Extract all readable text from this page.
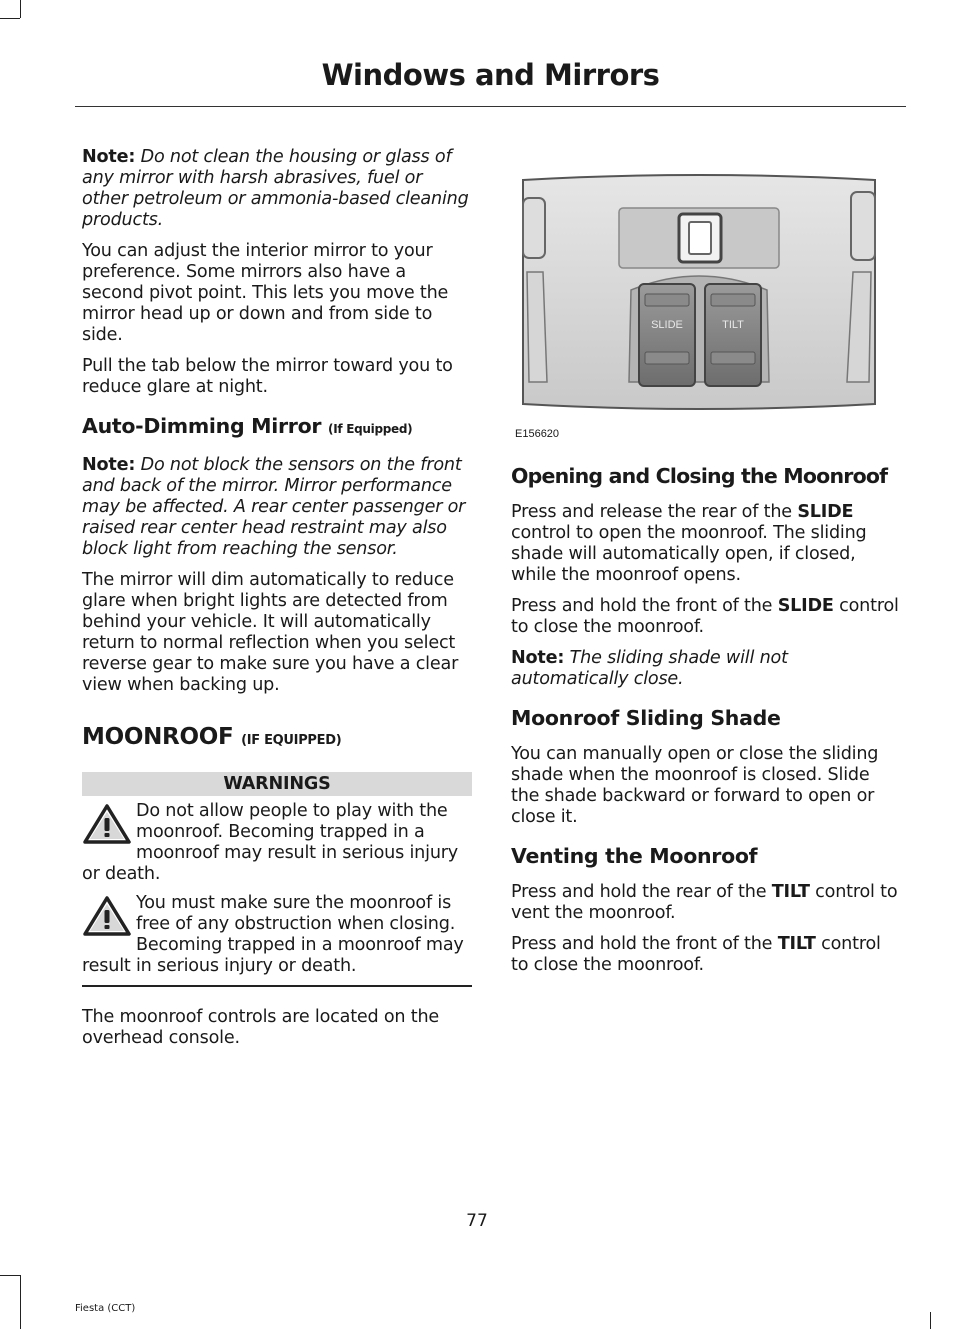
Windows and Mirrors

Note: Do not clean the housing or glass of any mirror with harsh abrasives, fuel or other petroleum or ammonia-based cleaning products.

You can adjust the interior mirror to your preference. Some mirrors also have a second pivot point. This lets you move the mirror head up or down and from side to side.

Pull the tab below the mirror toward you to reduce glare at night.

Auto-Dimming Mirror (If Equipped)

Note: Do not block the sensors on the front and back of the mirror. Mirror performance may be affected. A rear center passenger or raised rear center head restraint may also block light from reaching the sensor.

The mirror will dim automatically to reduce glare when bright lights are detected from behind your vehicle. It will automatically return to normal reflection when you select reverse gear to make sure you have a clear view when backing up.

MOONROOF (IF EQUIPPED)
WARNINGS
Do not allow people to play with the moonroof. Becoming trapped in a moonroof may result in serious injury or death.
You must make sure the moonroof is free of any obstruction when closing. Becoming trapped in a moonroof may result in serious injury or death.

The moonroof controls are located on the overhead console.

SLIDE	TILT
E156620
Opening and Closing the Moonroof

Press and release the rear of the SLIDE control to open the moonroof. The sliding shade will automatically open, if closed, while the moonroof opens.

Press and hold the front of the SLIDE control to close the moonroof.

Note: The sliding shade will not automatically close.

Moonroof Sliding Shade

You can manually open or close the sliding shade when the moonroof is closed. Slide the shade backward or forward to open or close it.

Venting the Moonroof

Press and hold the rear of the TILT control to vent the moonroof.

Press and hold the front of the TILT control to close the moonroof.

77
Fiesta (CCT)
